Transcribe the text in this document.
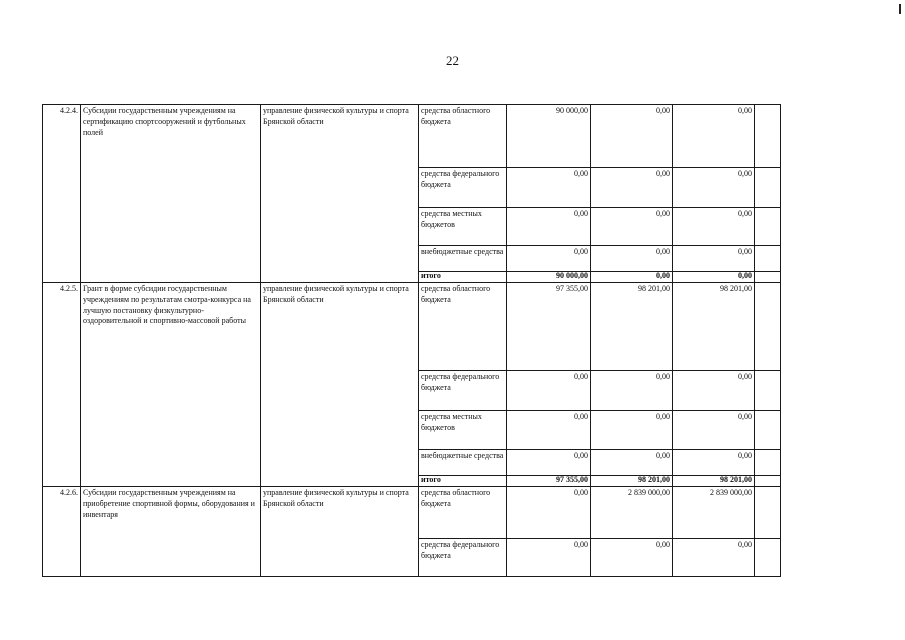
22
4.2.4.	Субсидии государственным учреждениям на сертификацию спортсооружений и футбольных полей	управление физической культуры и спорта Брянской области	средства областного бюджета	90 000,00	0,00	0,00	
			средства федерального бюджета	0,00	0,00	0,00	
			средства местных бюджетов	0,00	0,00	0,00	
			внебюджетные средства	0,00	0,00	0,00	
			итого	90 000,00	0,00	0,00	
4.2.5.	Грант в форме субсидии государственным учреждениям по результатам смотра-конкурса на лучшую постановку физкультурно-оздоровительной и спортивно-массовой работы	управление физической культуры и спорта Брянской области	средства областного бюджета	97 355,00	98 201,00	98 201,00	
			средства федерального бюджета	0,00	0,00	0,00	
			средства местных бюджетов	0,00	0,00	0,00	
			внебюджетные средства	0,00	0,00	0,00	
			итого	97 355,00	98 201,00	98 201,00	
4.2.6.	Субсидии государственным учреждениям на приобретение спортивной формы, оборудования и инвентаря	управление физической культуры и спорта Брянской области	средства областного бюджета	0,00	2 839 000,00	2 839 000,00	
			средства федерального бюджета	0,00	0,00	0,00	
